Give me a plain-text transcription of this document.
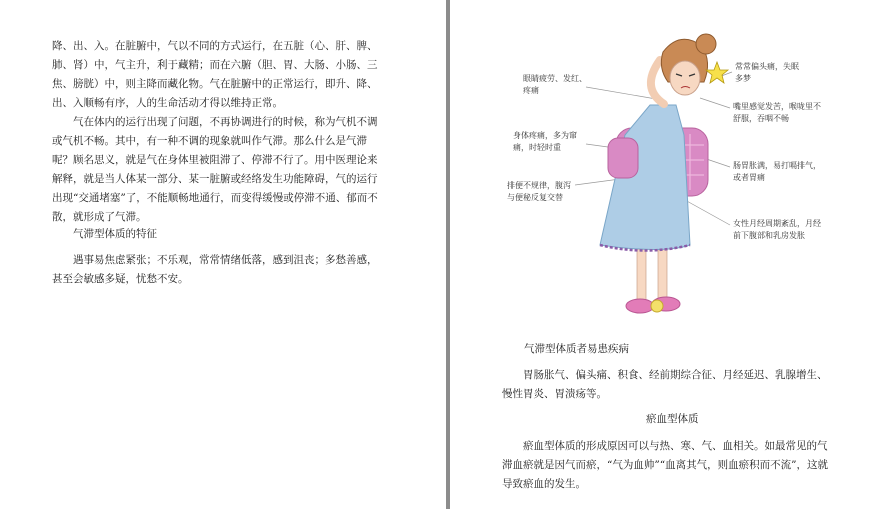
降、出、入。在脏腑中，气以不同的方式运行，在五脏（心、肝、脾、
肺、肾）中，气主升，利于藏精；而在六腑（胆、胃、大肠、小肠、三
焦、膀胱）中，则主降而藏化物。气在脏腑中的正常运行，即升、降、
出、入顺畅有序，人的生命活动才得以维持正常。
气在体内的运行出现了问题，不再协调进行的时候，称为气机不调
或气机不畅。其中，有一种不调的现象就叫作气滞。那么什么是气滞
呢？顾名思义，就是气在身体里被阻滞了、停滞不行了。用中医理论来
解释，就是当人体某一部分、某一脏腑或经络发生功能障碍，气的运行
出现“交通堵塞”了，不能顺畅地通行，而变得缓慢或停滞不通、郁而不
散，就形成了气滞。
气滞型体质的特征
遇事易焦虑紧张；不乐观，常常情绪低落，感到沮丧；多愁善感，
甚至会敏感多疑，忧愁不安。
气滞型体质者易患疾病
胃肠胀气、偏头痛、积食、经前期综合征、月经延迟、乳腺增生、
慢性胃炎、胃溃疡等。
瘀血型体质
瘀血型体质的形成原因可以与热、寒、气、血相关。如最常见的气
滞血瘀就是因气而瘀，“气为血帅”“血离其气，则血瘀积而不流”，这就
导致瘀血的发生。
眼睛疲劳、发红、
疼痛
常常偏头痛，失眠
多梦
嘴里感觉发苦，喉咙里不
舒服，吞咽不畅
身体疼痛，多为窜
痛，时轻时重
肠胃胀满，易打嗝排气，
或者胃痛
排便不规律，腹泻
与便秘反复交替
女性月经周期紊乱，月经
前下腹部和乳房发胀
